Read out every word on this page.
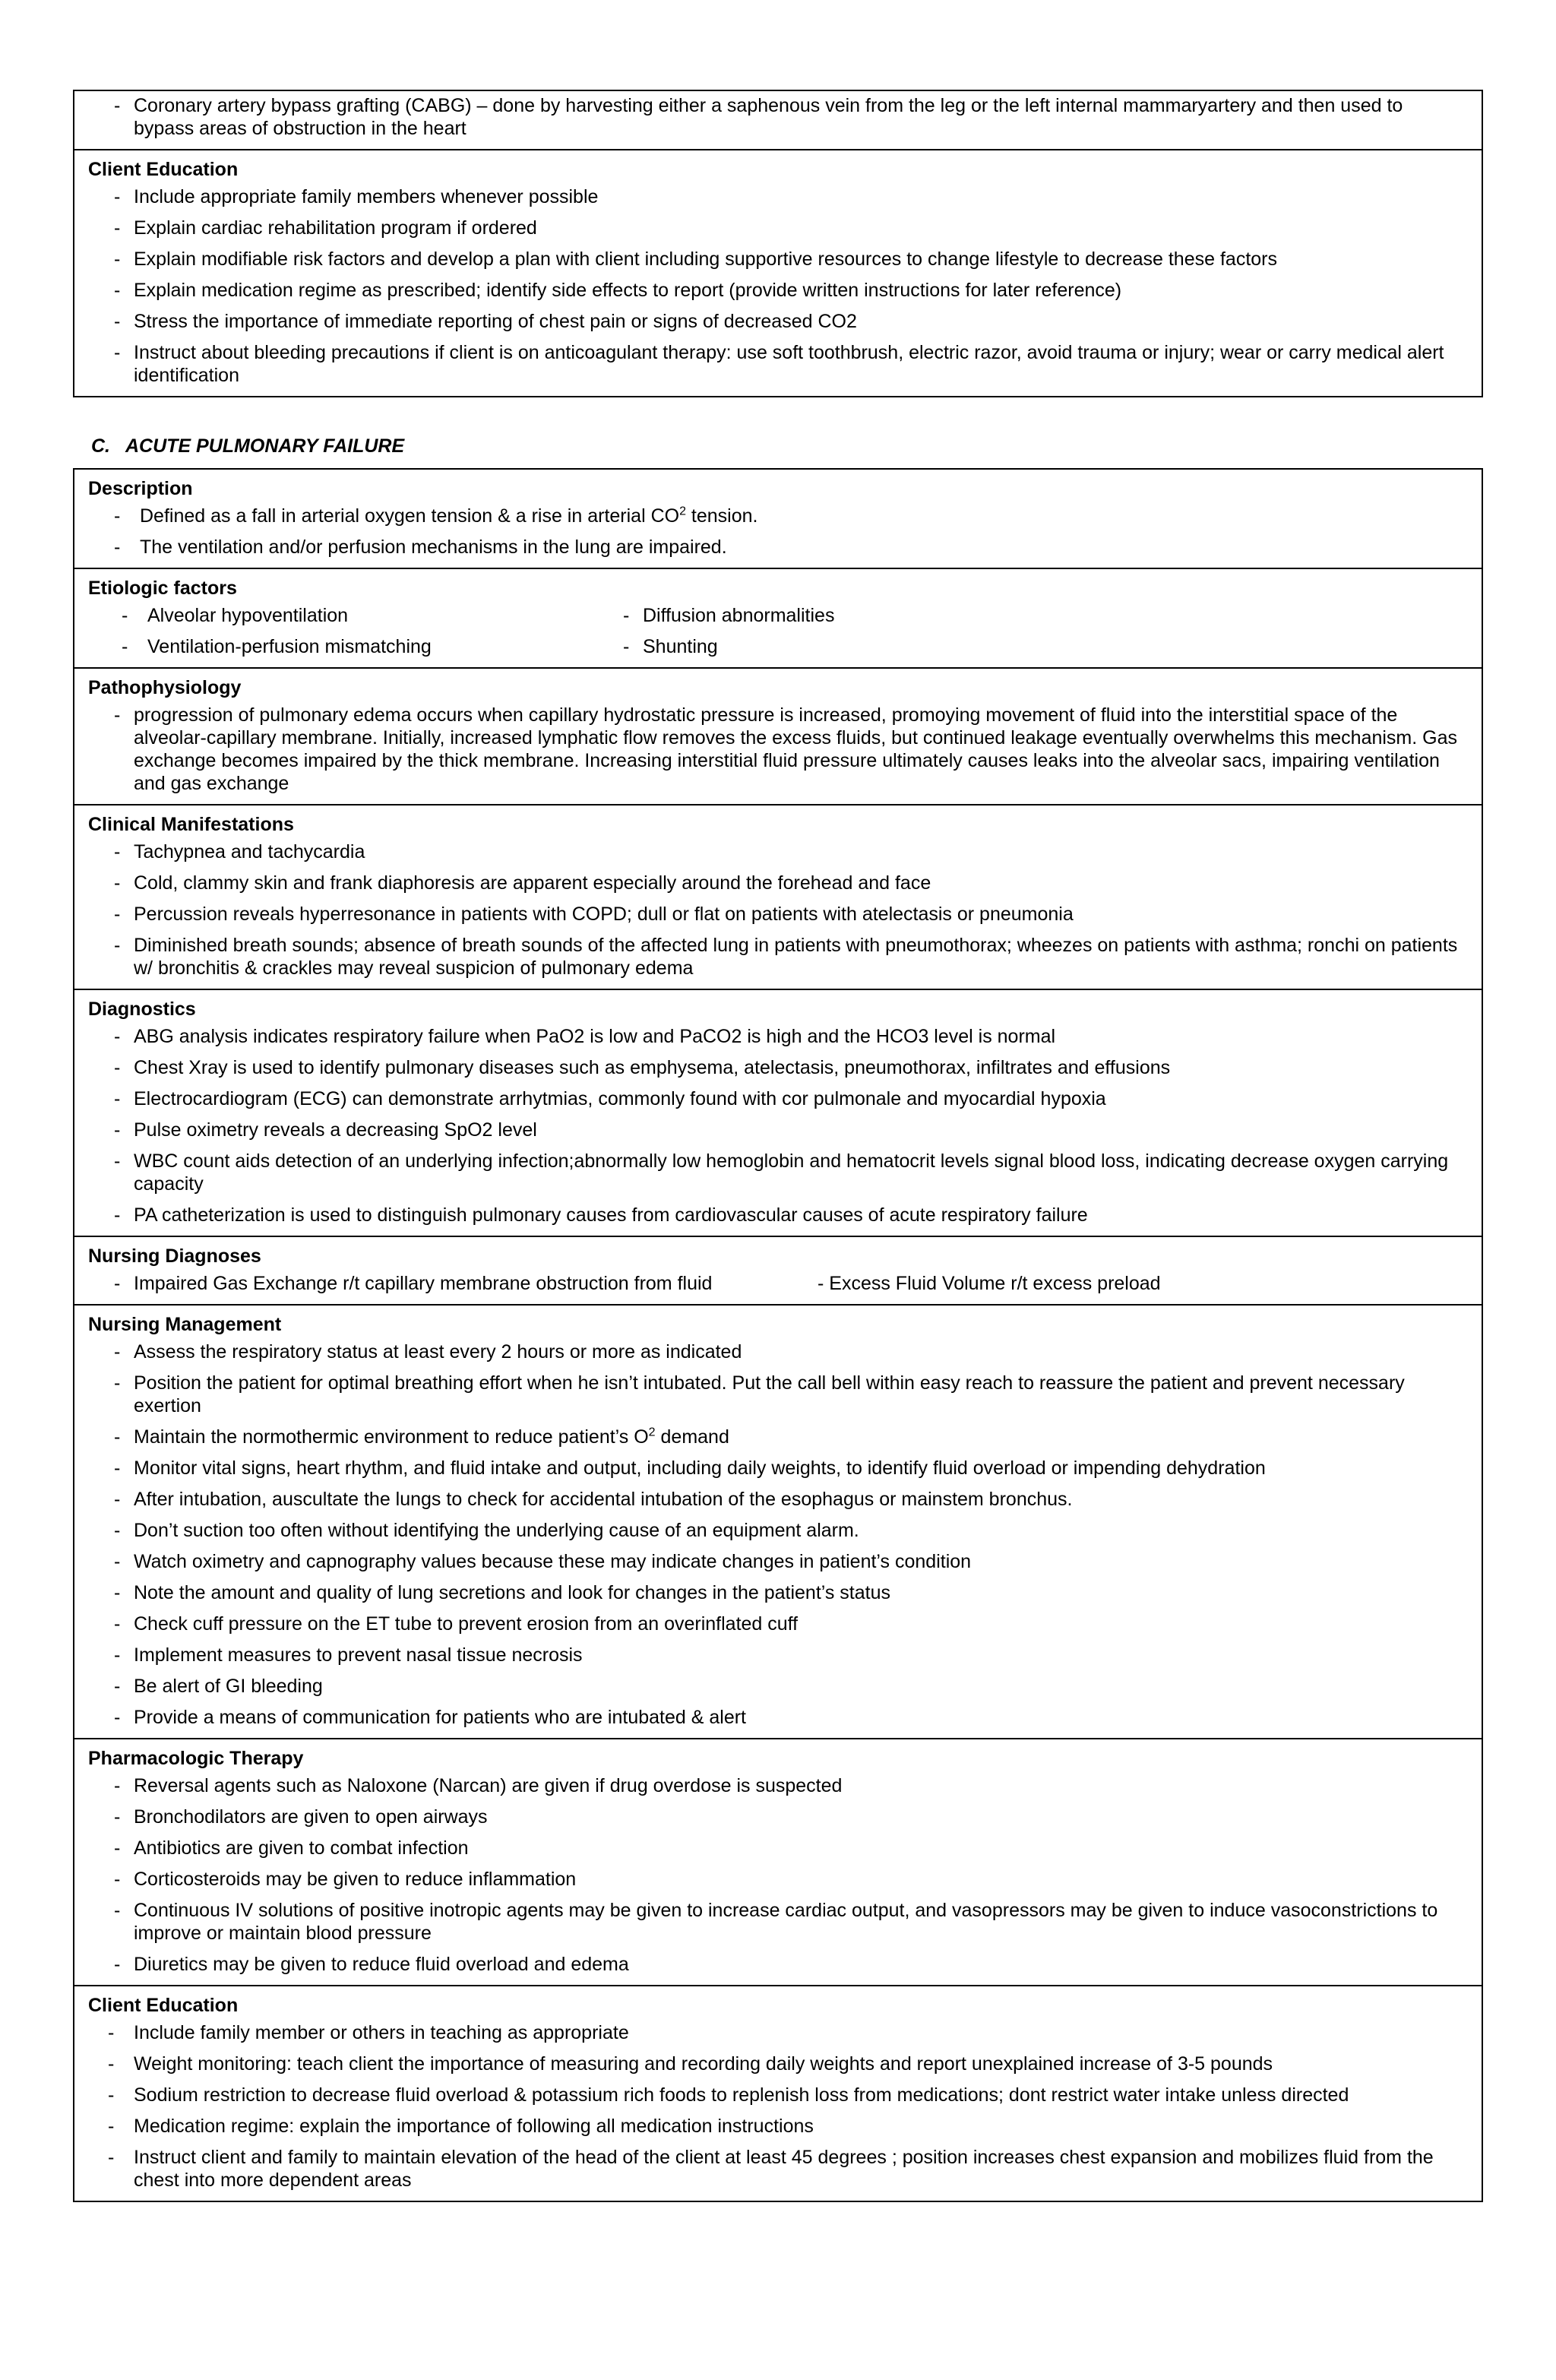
- Coronary artery bypass grafting (CABG) – done by harvesting either a saphenous vein from the leg or the left internal mammaryartery and then used to bypass areas of obstruction in the heart
Client Education
- Include appropriate family members whenever possible
- Explain cardiac rehabilitation program if ordered
- Explain modifiable risk factors and develop a plan with client including supportive resources to change lifestyle to decrease these factors
- Explain medication regime as prescribed; identify side effects to report (provide written instructions for later reference)
- Stress the importance of immediate reporting of chest pain or signs of decreased CO2
- Instruct about bleeding precautions if client is on anticoagulant therapy: use soft toothbrush, electric razor, avoid trauma or injury; wear or carry medical alert identification
C. ACUTE PULMONARY FAILURE
Description
- Defined as a fall in arterial oxygen tension & a rise in arterial $CO^2$ tension.
- The ventilation and/or perfusion mechanisms in the lung are impaired.
Etiologic factors
- Alveolar hypoventilation
- Ventilation-perfusion mismatching
- Diffusion abnormalities
- Shunting
Pathophysiology
- progression of pulmonary edema occurs when capillary hydrostatic pressure is increased, promoying movement of fluid into the interstitial space of the alveolar-capillary membrane. Initially, increased lymphatic flow removes the excess fluids, but continued leakage eventually overwhelms this mechanism. Gas exchange becomes impaired by the thick membrane. Increasing interstitial fluid pressure ultimately causes leaks into the alveolar sacs, impairing ventilation and gas exchange
Clinical Manifestations
- Tachypnea and tachycardia
- Cold, clammy skin and frank diaphoresis are apparent especially around the forehead and face
- Percussion reveals hyperresonance in patients with COPD; dull or flat on patients with atelectasis or pneumonia
- Diminished breath sounds; absence of breath sounds of the affected lung in patients with pneumothorax; wheezes on patients with asthma; ronchi on patients w/ bronchitis & crackles may reveal suspicion of pulmonary edema
Diagnostics
- ABG analysis indicates respiratory failure when PaO2 is low and PaCO2 is high and the HCO3 level is normal
- Chest Xray is used to identify pulmonary diseases such as emphysema, atelectasis, pneumothorax, infiltrates and effusions
- Electrocardiogram (ECG) can demonstrate arrhytmias, commonly found with cor pulmonale and myocardial hypoxia
- Pulse oximetry reveals a decreasing SpO2 level
- WBC count aids detection of an underlying infection;abnormally low hemoglobin and hematocrit levels signal blood loss, indicating decrease oxygen carrying capacity
- PA catheterization is used to distinguish pulmonary causes from cardiovascular causes of acute respiratory failure
Nursing Diagnoses
- Impaired Gas Exchange r/t capillary membrane obstruction from fluid	- Excess Fluid Volume r/t excess preload
Nursing Management
- Assess the respiratory status at least every 2 hours or more as indicated
- Position the patient for optimal breathing effort when he isn’t intubated. Put the call bell within easy reach to reassure the patient and prevent necessary exertion
- Maintain the normothermic environment to reduce patient’s $O^2$ demand
- Monitor vital signs, heart rhythm, and fluid intake and output, including daily weights, to identify fluid overload or impending dehydration
- After intubation, auscultate the lungs to check for accidental intubation of the esophagus or mainstem bronchus.
- Don’t suction too often without identifying the underlying cause of an equipment alarm.
- Watch oximetry and capnography values because these may indicate changes in patient’s condition
- Note the amount and quality of lung secretions and look for changes in the patient’s status
- Check cuff pressure on the ET tube to prevent erosion from an overinflated cuff
- Implement measures to prevent nasal tissue necrosis
- Be alert of GI bleeding
- Provide a means of communication for patients who are intubated & alert
Pharmacologic Therapy
- Reversal agents such as Naloxone (Narcan) are given if drug overdose is suspected
- Bronchodilators are given to open airways
- Antibiotics are given to combat infection
- Corticosteroids may be given to reduce inflammation
- Continuous IV solutions of positive inotropic agents may be given to increase cardiac output, and vasopressors may be given to induce vasoconstrictions to improve or maintain blood pressure
- Diuretics may be given to reduce fluid overload and edema
Client Education
- Include family member or others in teaching as appropriate
- Weight monitoring: teach client the importance of measuring and recording daily weights and report unexplained increase of 3-5 pounds
- Sodium restriction to decrease fluid overload & potassium rich foods to replenish loss from medications; dont restrict water intake unless directed
- Medication regime: explain the importance of following all medication instructions
- Instruct client and family to maintain elevation of the head of the client at least 45 degrees ; position increases chest expansion and mobilizes fluid from the chest into more dependent areas
